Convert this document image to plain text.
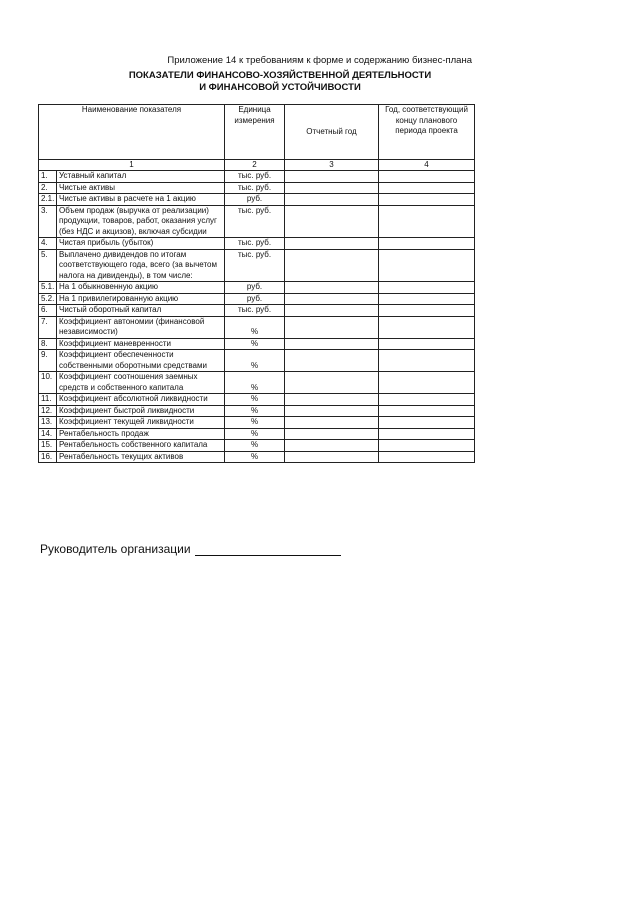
Приложение 14 к требованиям к форме и содержанию бизнес-плана
ПОКАЗАТЕЛИ ФИНАНСОВО-ХОЗЯЙСТВЕННОЙ ДЕЯТЕЛЬНОСТИ
И ФИНАНСОВОЙ УСТОЙЧИВОСТИ
Наименование показателя		Единица измерения	Отчетный год	Год, соответствующий концу планового периода проекта
1		2	3	4
1.	Уставный капитал	тыс. руб.		
2.	Чистые активы	тыс. руб.		
2.1.	Чистые активы в расчете на 1 акцию	руб.		
3.	Объем продаж (выручка от реализации) продукции, товаров, работ, оказания услуг (без НДС и акцизов), включая субсидии	тыс. руб.		
4.	Чистая прибыль (убыток)	тыс. руб.		
5.	Выплачено дивидендов по итогам соответствующего года, всего (за вычетом налога на дивиденды), в том числе:	тыс. руб.		
5.1.	На 1 обыкновенную акцию	руб.		
5.2.	На 1 привилегированную акцию	руб.		
6.	Чистый оборотный капитал	тыс. руб.		
7.	Коэффициент автономии (финансовой независимости)	%		
8.	Коэффициент маневренности	%		
9.	Коэффициент обеспеченности собственными оборотными средствами	%		
10.	Коэффициент соотношения заемных средств и собственного капитала	%		
11.	Коэффициент абсолютной ликвидности	%		
12.	Коэффициент быстрой ликвидности	%		
13.	Коэффициент текущей ликвидности	%		
14.	Рентабельность продаж	%		
15.	Рентабельность собственного капитала	%		
16.	Рентабельность текущих активов	%		
Руководитель организации
